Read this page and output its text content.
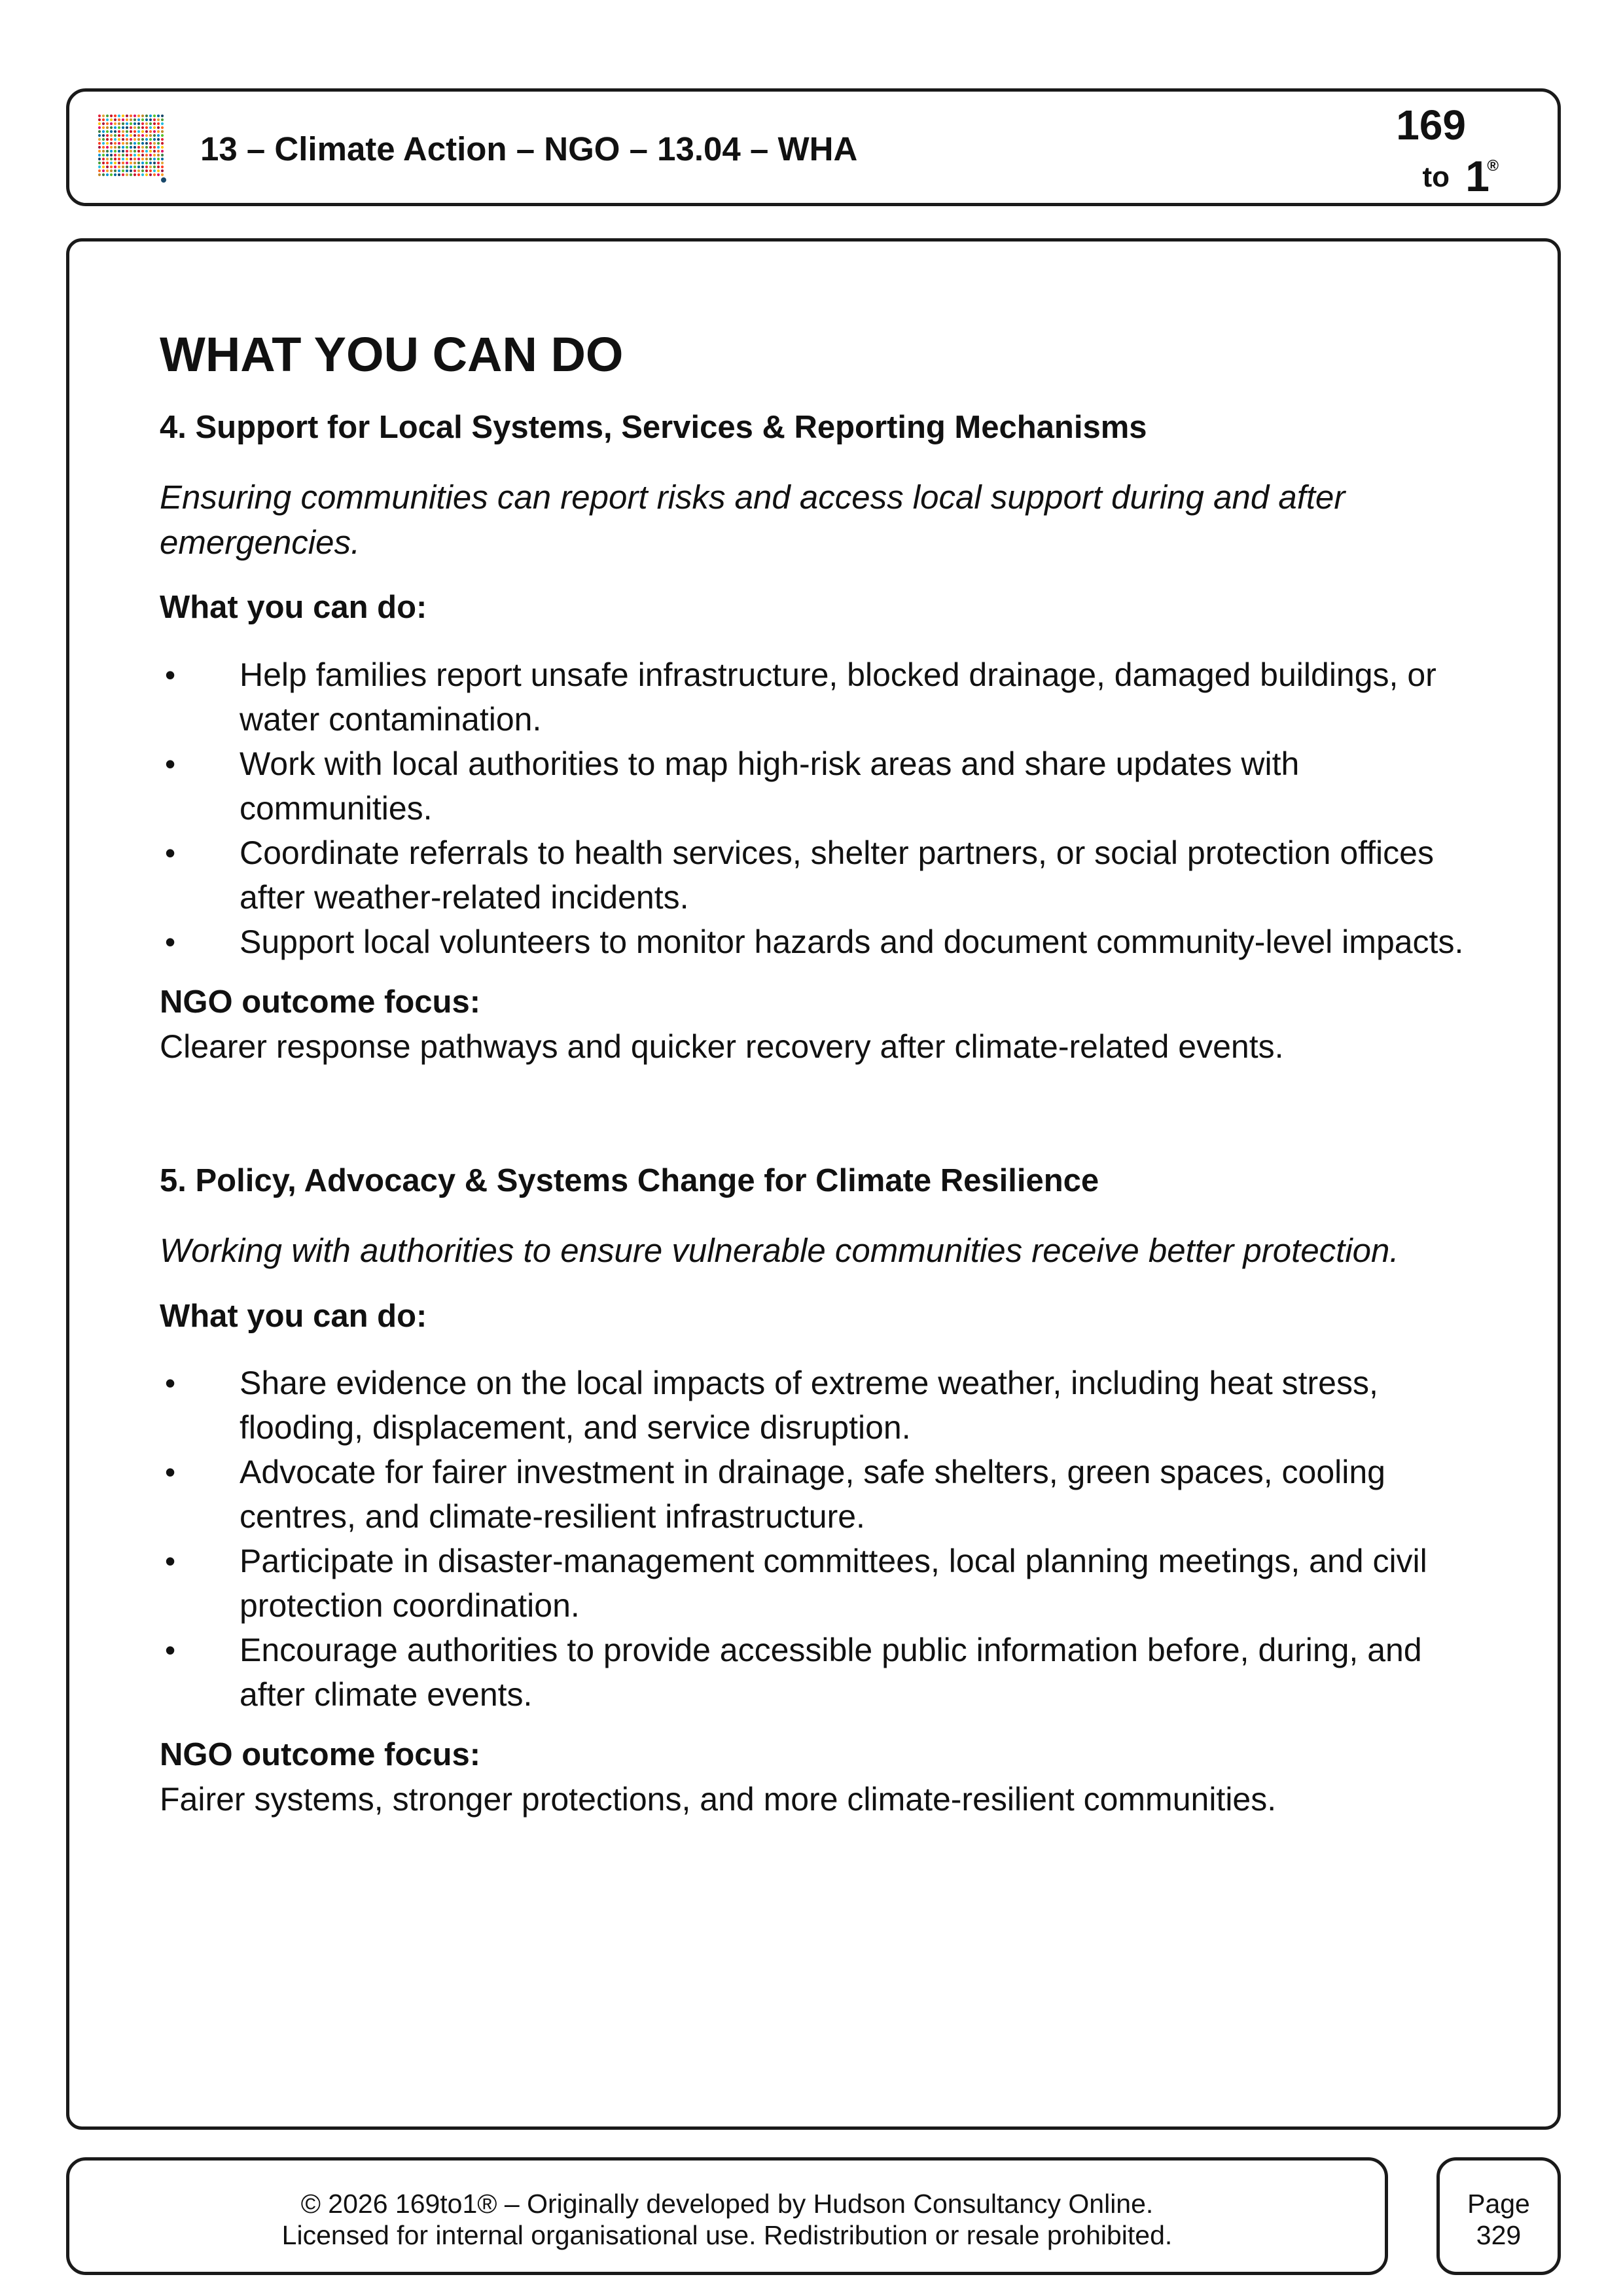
13 – Climate Action – NGO – 13.04 – WHA
169
to 1
®
WHAT YOU CAN DO
4. Support for Local Systems, Services & Reporting Mechanisms
Ensuring communities can report risks and access local support during and after emergencies.
What you can do:
• Help families report unsafe infrastructure, blocked drainage, damaged buildings, or water contamination.
• Work with local authorities to map high-risk areas and share updates with communities.
• Coordinate referrals to health services, shelter partners, or social protection offices after weather-related incidents.
• Support local volunteers to monitor hazards and document community-level impacts.
NGO outcome focus:
Clearer response pathways and quicker recovery after climate-related events.
5. Policy, Advocacy & Systems Change for Climate Resilience
Working with authorities to ensure vulnerable communities receive better protection.
What you can do:
• Share evidence on the local impacts of extreme weather, including heat stress, flooding, displacement, and service disruption.
• Advocate for fairer investment in drainage, safe shelters, green spaces, cooling centres, and climate-resilient infrastructure.
• Participate in disaster-management committees, local planning meetings, and civil protection coordination.
• Encourage authorities to provide accessible public information before, during, and after climate events.
NGO outcome focus:
Fairer systems, stronger protections, and more climate-resilient communities.
© 2026 169to1® – Originally developed by Hudson Consultancy Online.
Licensed for internal organisational use. Redistribution or resale prohibited.
Page
329
